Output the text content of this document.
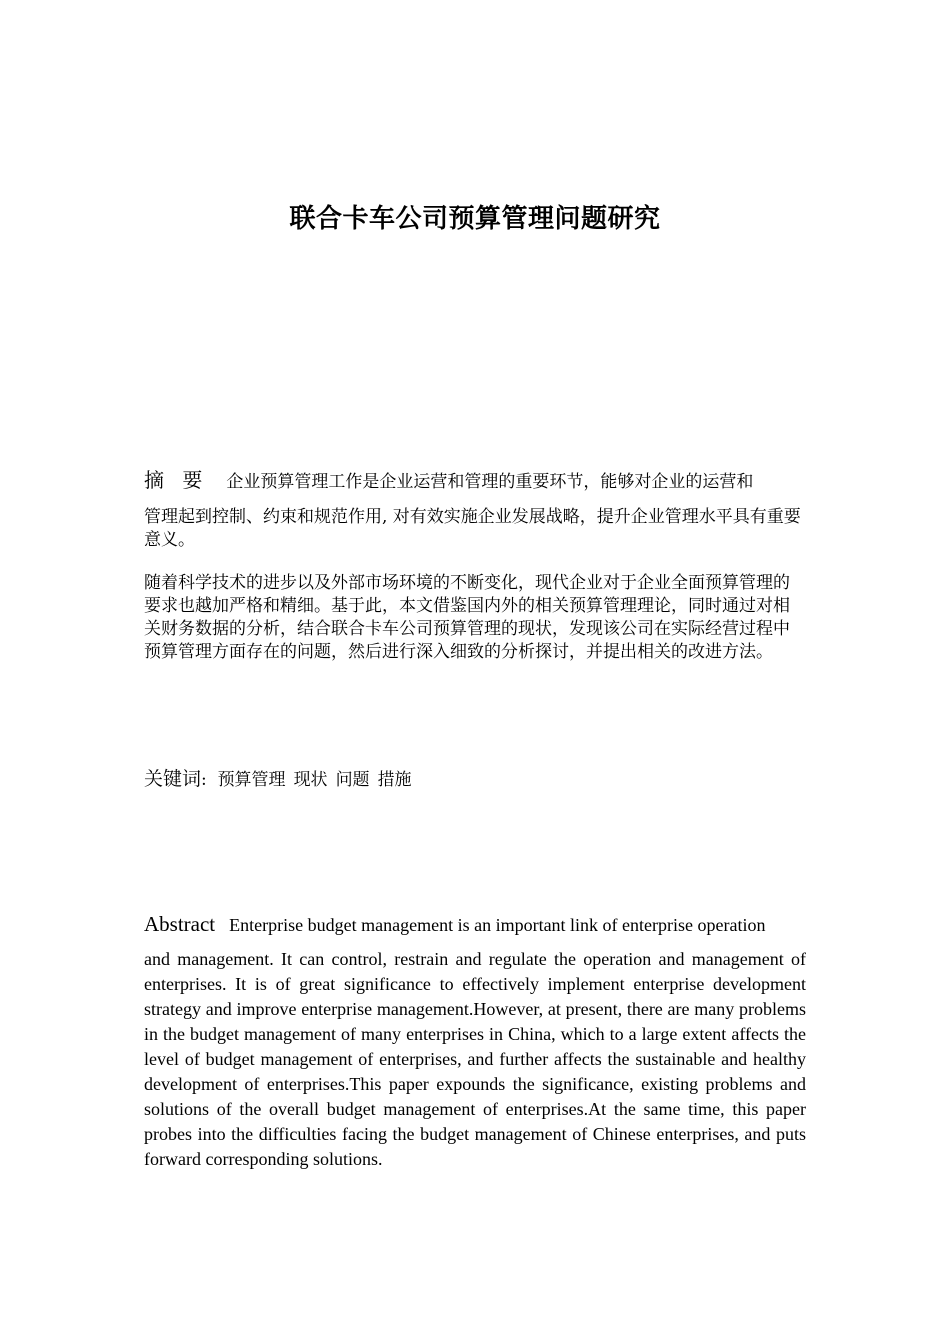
联合卡车公司预算管理问题研究

摘 要 企业预算管理工作是企业运营和管理的重要环节，能够对企业的运营和

管理起到控制、约束和规范作用, 对有效实施企业发展战略，提升企业管理水平具有重要意义。

随着科学技术的进步以及外部市场环境的不断变化，现代企业对于企业全面预算管理的要求也越加严格和精细。基于此，本文借鉴国内外的相关预算管理理论，同时通过对相关财务数据的分析，结合联合卡车公司预算管理的现状，发现该公司在实际经营过程中预算管理方面存在的问题，然后进行深入细致的分析探讨，并提出相关的改进方法。

关键词: 预算管理 现状 问题 措施

Abstract Enterprise budget management is an important link of enterprise operation

and management. It can control, restrain and regulate the operation and management of enterprises. It is of great significance to effectively implement enterprise development strategy and improve enterprise management.However, at present, there are many problems in the budget management of many enterprises in China, which to a large extent affects the level of budget management of enterprises, and further affects the sustainable and healthy development of enterprises.This paper expounds the significance, existing problems and solutions of the overall budget management of enterprises.At the same time, this paper probes into the difficulties facing the budget management of Chinese enterprises, and puts forward corresponding solutions.
